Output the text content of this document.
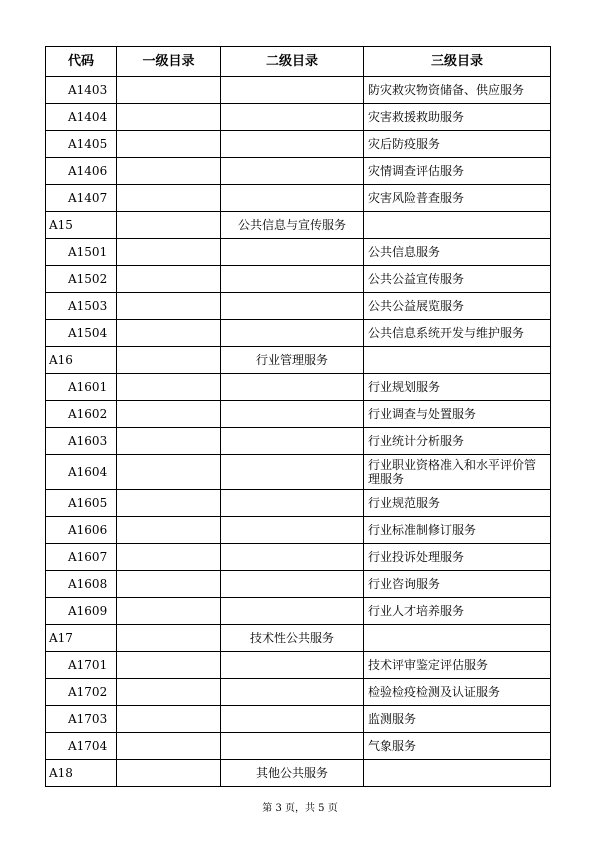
代码	一级目录	二级目录	三级目录
A1403			防灾救灾物资储备、供应服务
A1404			灾害救援救助服务
A1405			灾后防疫服务
A1406			灾情调查评估服务
A1407			灾害风险普查服务
A15		公共信息与宣传服务	
A1501			公共信息服务
A1502			公共公益宣传服务
A1503			公共公益展览服务
A1504			公共信息系统开发与维护服务
A16		行业管理服务	
A1601			行业规划服务
A1602			行业调查与处置服务
A1603			行业统计分析服务
A1604			行业职业资格准入和水平评价管理服务
A1605			行业规范服务
A1606			行业标准制修订服务
A1607			行业投诉处理服务
A1608			行业咨询服务
A1609			行业人才培养服务
A17		技术性公共服务	
A1701			技术评审鉴定评估服务
A1702			检验检疫检测及认证服务
A1703			监测服务
A1704			气象服务
A18		其他公共服务	
第 3 页，共 5 页
